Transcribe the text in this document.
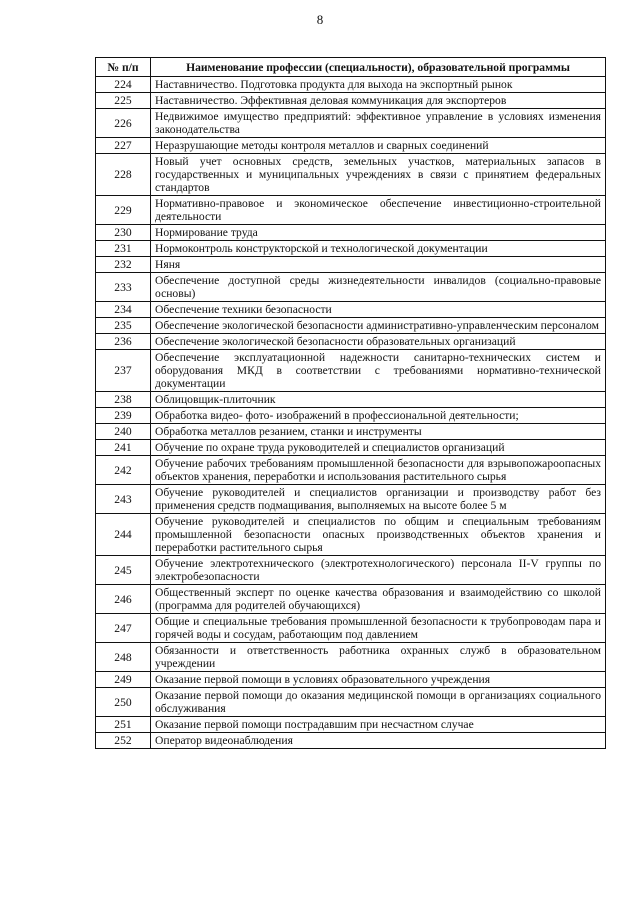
8
№ п/п	Наименование профессии (специальности), образовательной программы
224	Наставничество. Подготовка продукта для выхода на экспортный рынок
225	Наставничество. Эффективная деловая коммуникация для экспортеров
226	Недвижимое имущество предприятий: эффективное управление в условиях изменения законодательства
227	Неразрушающие методы контроля металлов и сварных соединений
228	Новый учет основных средств, земельных участков, материальных запасов в государственных и муниципальных учреждениях в связи с принятием федеральных стандартов
229	Нормативно-правовое и экономическое обеспечение инвестиционно-строительной деятельности
230	Нормирование труда
231	Нормоконтроль конструкторской и технологической документации
232	Няня
233	Обеспечение доступной среды жизнедеятельности инвалидов (социально-правовые основы)
234	Обеспечение техники безопасности
235	Обеспечение экологической безопасности административно-управленческим персоналом
236	Обеспечение экологической безопасности образовательных организаций
237	Обеспечение эксплуатационной надежности санитарно-технических систем и оборудования МКД в соответствии с требованиями нормативно-технической документации
238	Облицовщик-плиточник
239	Обработка видео- фото- изображений в профессиональной деятельности;
240	Обработка металлов резанием, станки и инструменты
241	Обучение по охране труда руководителей и специалистов организаций
242	Обучение рабочих требованиям промышленной безопасности для взрывопожароопасных объектов хранения, переработки и использования растительного сырья
243	Обучение руководителей и специалистов организации и производству работ без применения средств подмащивания, выполняемых на высоте более 5 м
244	Обучение руководителей и специалистов по общим и специальным требованиям промышленной безопасности опасных производственных объектов хранения и переработки растительного сырья
245	Обучение электротехнического (электротехнологического) персонала II-V группы по электробезопасности
246	Общественный эксперт по оценке качества образования и взаимодействию со школой (программа для родителей обучающихся)
247	Общие и специальные требования промышленной безопасности к трубопроводам пара и горячей воды и сосудам, работающим под давлением
248	Обязанности и ответственность работника охранных служб в образовательном учреждении
249	Оказание первой помощи в условиях образовательного учреждения
250	Оказание первой помощи до оказания медицинской помощи в организациях социального обслуживания
251	Оказание первой помощи пострадавшим при несчастном случае
252	Оператор видеонаблюдения
